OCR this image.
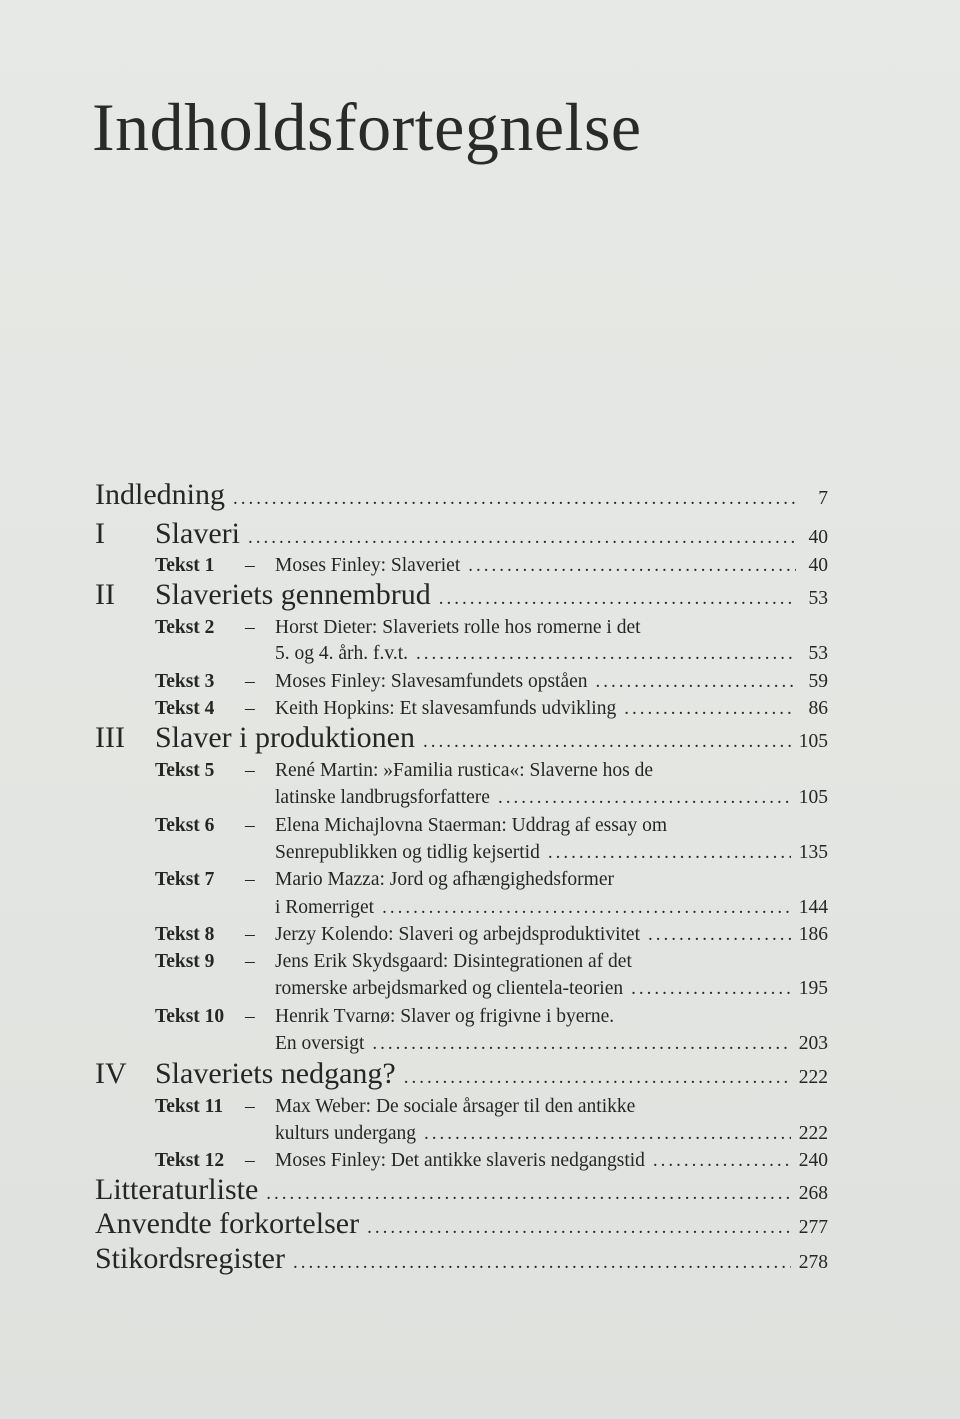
Indholdsfortegnelse
Indledning .....	7
I	Slaveri .....	40
Tekst 1 – Moses Finley: Slaveriet .....	40
II	Slaveriets gennembrud .....	53
Tekst 2 – Horst Dieter: Slaveriets rolle hos romerne i det
5. og 4. årh. f.v.t. .....	53
Tekst 3 – Moses Finley: Slavesamfundets opståen .....	59
Tekst 4 – Keith Hopkins: Et slavesamfunds udvikling .....	86
III	Slaver i produktionen .....	105
Tekst 5 – René Martin: »Familia rustica«: Slaverne hos de
latinske landbrugsforfattere .....	105
Tekst 6 – Elena Michajlovna Staerman: Uddrag af essay om
Senrepublikken og tidlig kejsertid .....	135
Tekst 7 – Mario Mazza: Jord og afhængighedsformer
i Romerriget .....	144
Tekst 8 – Jerzy Kolendo: Slaveri og arbejdsproduktivitet .....	186
Tekst 9 – Jens Erik Skydsgaard: Disintegrationen af det
romerske arbejdsmarked og clientela-teorien .....	195
Tekst 10 – Henrik Tvarnø: Slaver og frigivne i byerne.
En oversigt .....	203
IV Slaveriets nedgang? .....	222
Tekst 11 – Max Weber: De sociale årsager til den antikke
kulturs undergang .....	222
Tekst 12 – Moses Finley: Det antikke slaveris nedgangstid .....	240
Litteraturliste .....	268
Anvendte forkortelser .....	277
Stikordsregister .....	278
